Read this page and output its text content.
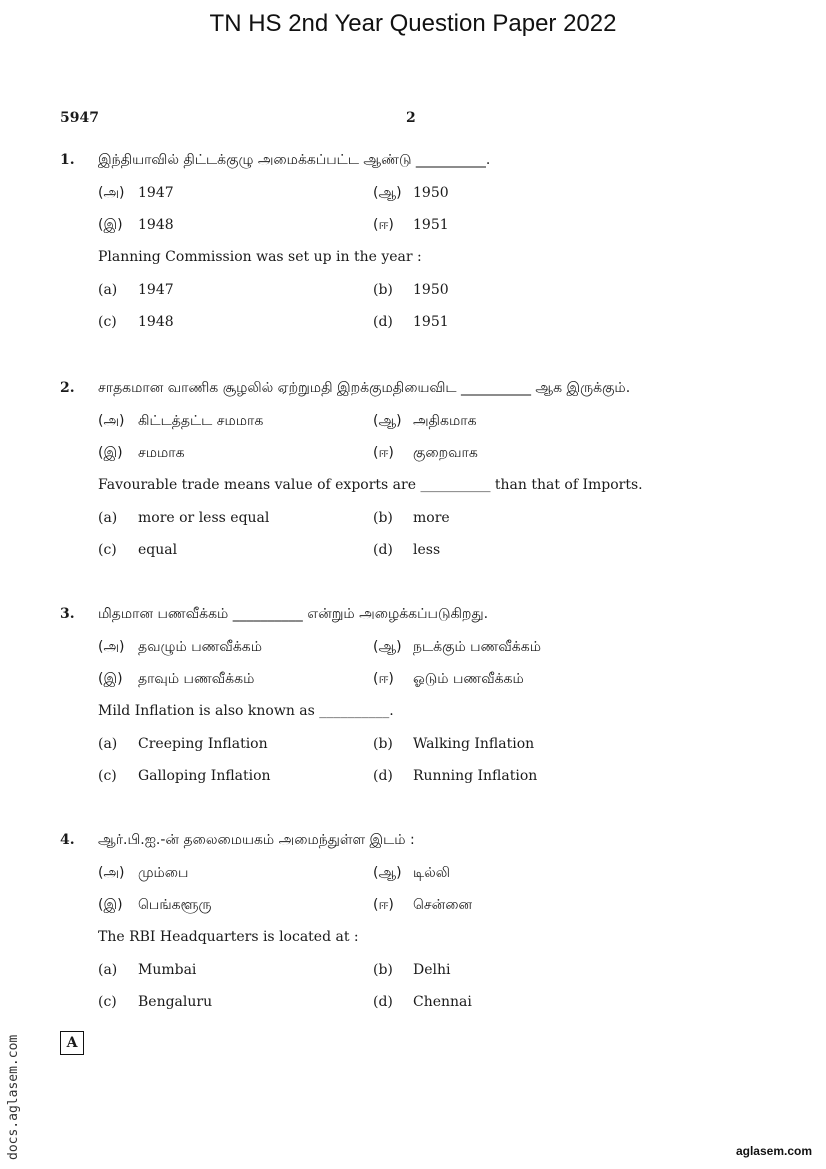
TN HS 2nd Year Question Paper 2022
5947	2
1. இந்தியாவில் திட்டக்குழு அமைக்கப்பட்ட ஆண்டு __________.
(அ) 1947	(ஆ) 1950
(இ) 1948	(ஈ) 1951
Planning Commission was set up in the year :
(a) 1947	(b) 1950
(c) 1948	(d) 1951
2. சாதகமான வாணிக சூழலில் ஏற்றுமதி இறக்குமதியைவிட __________ ஆக இருக்கும்.
(அ) கிட்டத்தட்ட சமமாக	(ஆ) அதிகமாக
(இ) சமமாக	(ஈ) குறைவாக
Favourable trade means value of exports are __________ than that of Imports.
(a) more or less equal	(b) more
(c) equal	(d) less
3. மிதமான பணவீக்கம் __________ என்றும் அழைக்கப்படுகிறது.
(அ) தவழும் பணவீக்கம்	(ஆ) நடக்கும் பணவீக்கம்
(இ) தாவும் பணவீக்கம்	(ஈ) ஓடும் பணவீக்கம்
Mild Inflation is also known as __________.
(a) Creeping Inflation	(b) Walking Inflation
(c) Galloping Inflation	(d) Running Inflation
4. ஆர்.பி.ஐ.-ன் தலைமையகம் அமைந்துள்ள இடம் :
(அ) மும்பை	(ஆ) டில்லி
(இ) பெங்களூரு	(ஈ) சென்னை
The RBI Headquarters is located at :
(a) Mumbai	(b) Delhi
(c) Bengaluru	(d) Chennai
A
docs.aglasem.com	aglasem.com
